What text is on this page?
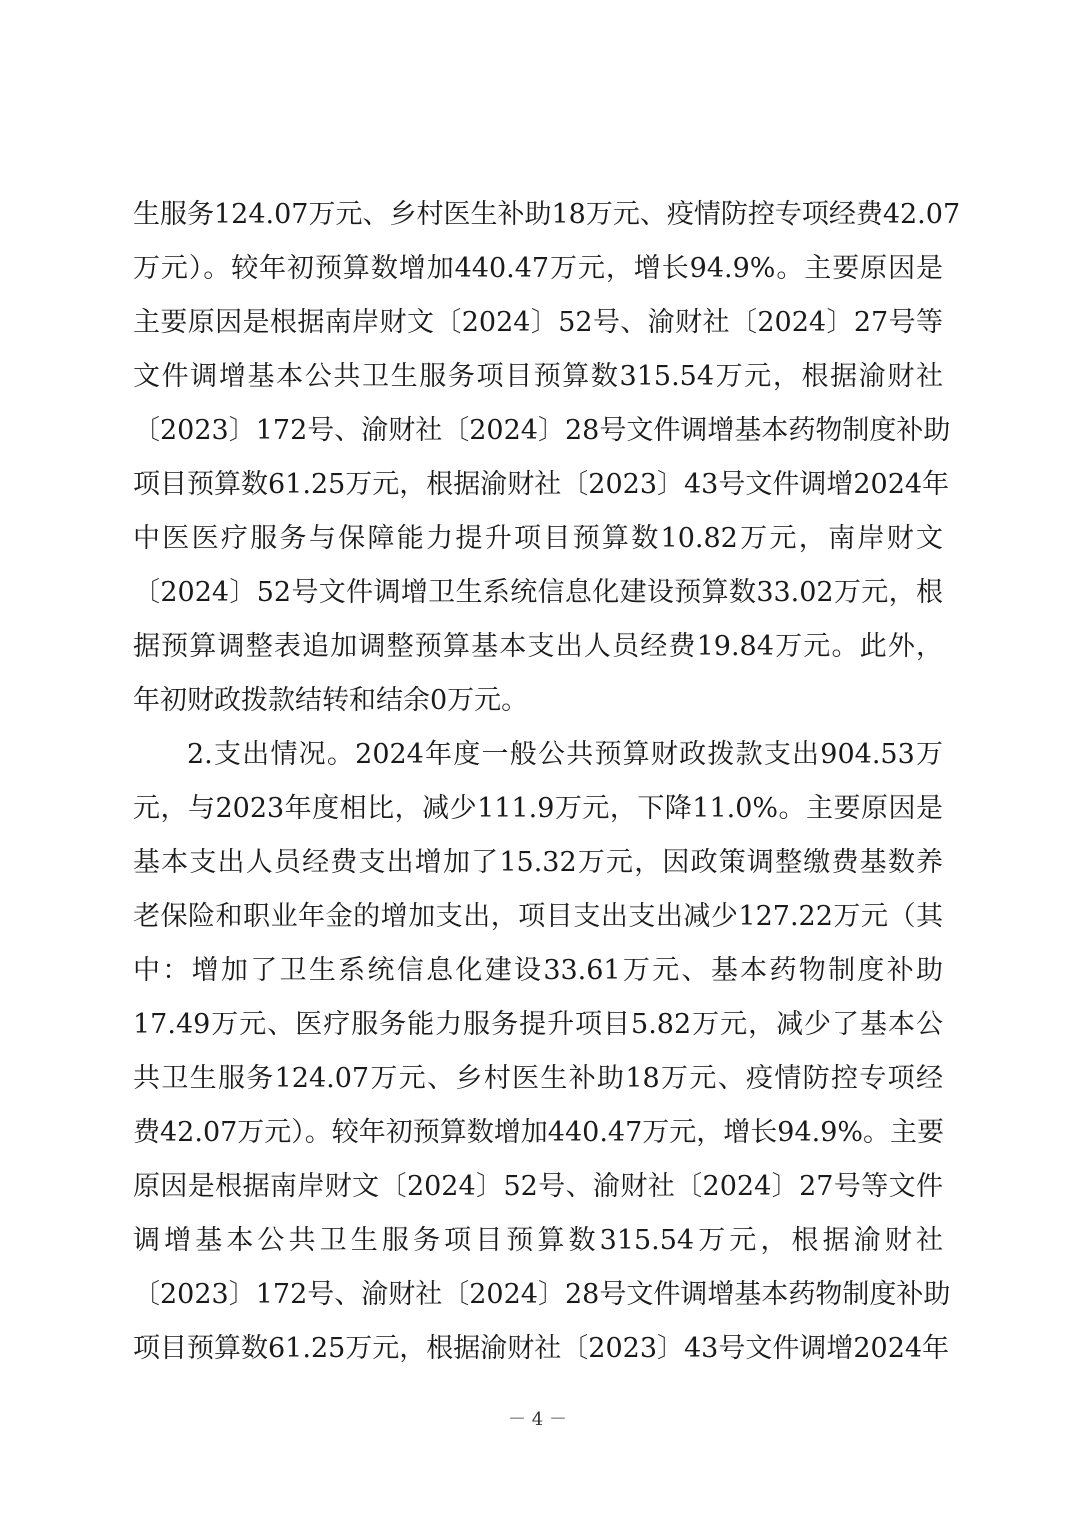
生服务124.07万元、乡村医生补助18万元、疫情防控专项经费42.07
万元）。较年初预算数增加440.47万元，增长94.9%。主要原因是
主要原因是根据南岸财文〔2024〕52号、渝财社〔2024〕27号等
文件调增基本公共卫生服务项目预算数315.54万元，根据渝财社
〔2023〕172号、渝财社〔2024〕28号文件调增基本药物制度补助
项目预算数61.25万元，根据渝财社〔2023〕43号文件调增2024年
中医医疗服务与保障能力提升项目预算数10.82万元，南岸财文
〔2024〕52号文件调增卫生系统信息化建设预算数33.02万元，根
据预算调整表追加调整预算基本支出人员经费19.84万元。此外，
年初财政拨款结转和结余0万元。
2.支出情况。2024年度一般公共预算财政拨款支出904.53万
元，与2023年度相比，减少111.9万元，下降11.0%。主要原因是
基本支出人员经费支出增加了15.32万元，因政策调整缴费基数养
老保险和职业年金的增加支出，项目支出支出减少127.22万元（其
中：增加了卫生系统信息化建设33.61万元、基本药物制度补助
17.49万元、医疗服务能力服务提升项目5.82万元，减少了基本公
共卫生服务124.07万元、乡村医生补助18万元、疫情防控专项经
费42.07万元）。较年初预算数增加440.47万元，增长94.9%。主要
原因是根据南岸财文〔2024〕52号、渝财社〔2024〕27号等文件
调增基本公共卫生服务项目预算数315.54万元，根据渝财社
〔2023〕172号、渝财社〔2024〕28号文件调增基本药物制度补助
项目预算数61.25万元，根据渝财社〔2023〕43号文件调增2024年
－ 4 －
